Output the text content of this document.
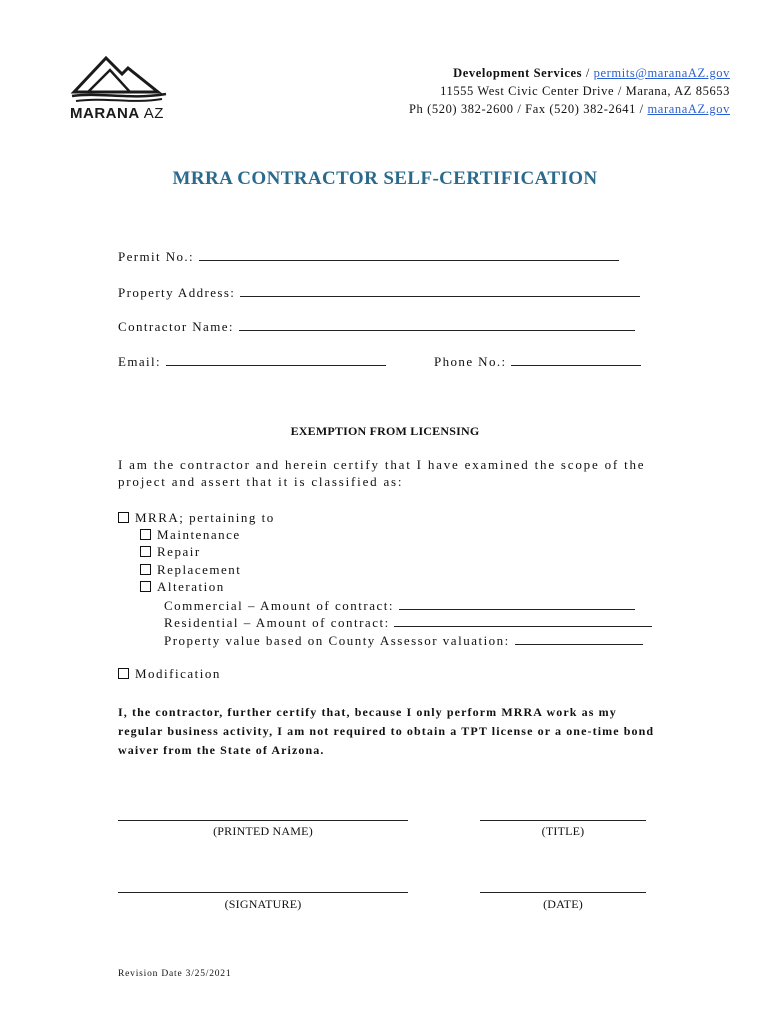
MARANA AZ
Development Services / permits@maranaAZ.gov
11555 West Civic Center Drive / Marana, AZ 85653
Ph (520) 382-2600 / Fax (520) 382-2641 / maranaAZ.gov
MRRA CONTRACTOR SELF-CERTIFICATION
Permit No.:
Property Address:
Contractor Name:
Email:	Phone No.:
EXEMPTION FROM LICENSING
I am the contractor and herein certify that I have examined the scope of the project and assert that it is classified as:
MRRA; pertaining to
Maintenance
Repair
Replacement
Alteration
Commercial – Amount of contract:
Residential – Amount of contract:
Property value based on County Assessor valuation:
Modification
I, the contractor, further certify that, because I only perform MRRA work as my regular business activity, I am not required to obtain a TPT license or a one-time bond waiver from the State of Arizona.
(PRINTED NAME)	(TITLE)
(SIGNATURE)	(DATE)
Revision Date 3/25/2021
